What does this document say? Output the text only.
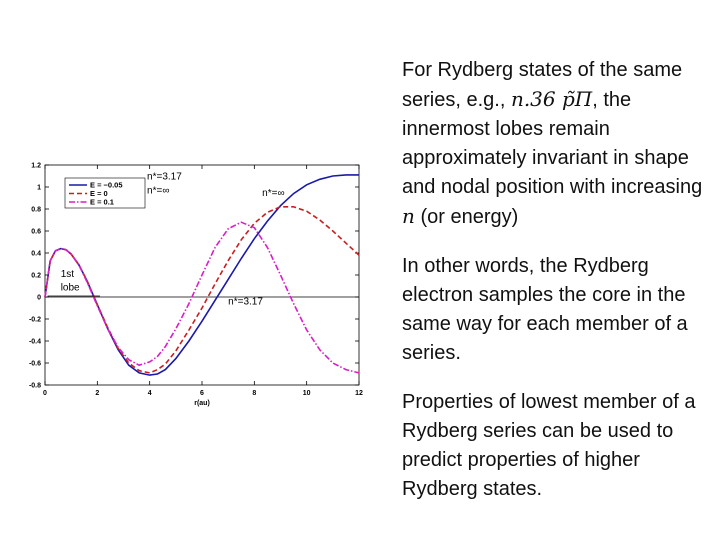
0	2	4	6	8	10	12
-0.8
-0.6
-0.4
-0.2
0
0.2
0.4
0.6
0.8
1
1.2
r(au)
E = −0.05
E = 0
E = 0.1
n*=3.17
n*=∞	n*=∞
n*=3.17
1st
lobe

For Rydberg states of the same
series, e.g., n.36 p̃Π, the innermost lobes remain approximately invariant in shape and nodal position with increasing n (or energy)

In other words, the Rydberg electron samples the core in the same way for each member of a series.

Properties of lowest member of a Rydberg series can be used to predict properties of higher Rydberg states.
